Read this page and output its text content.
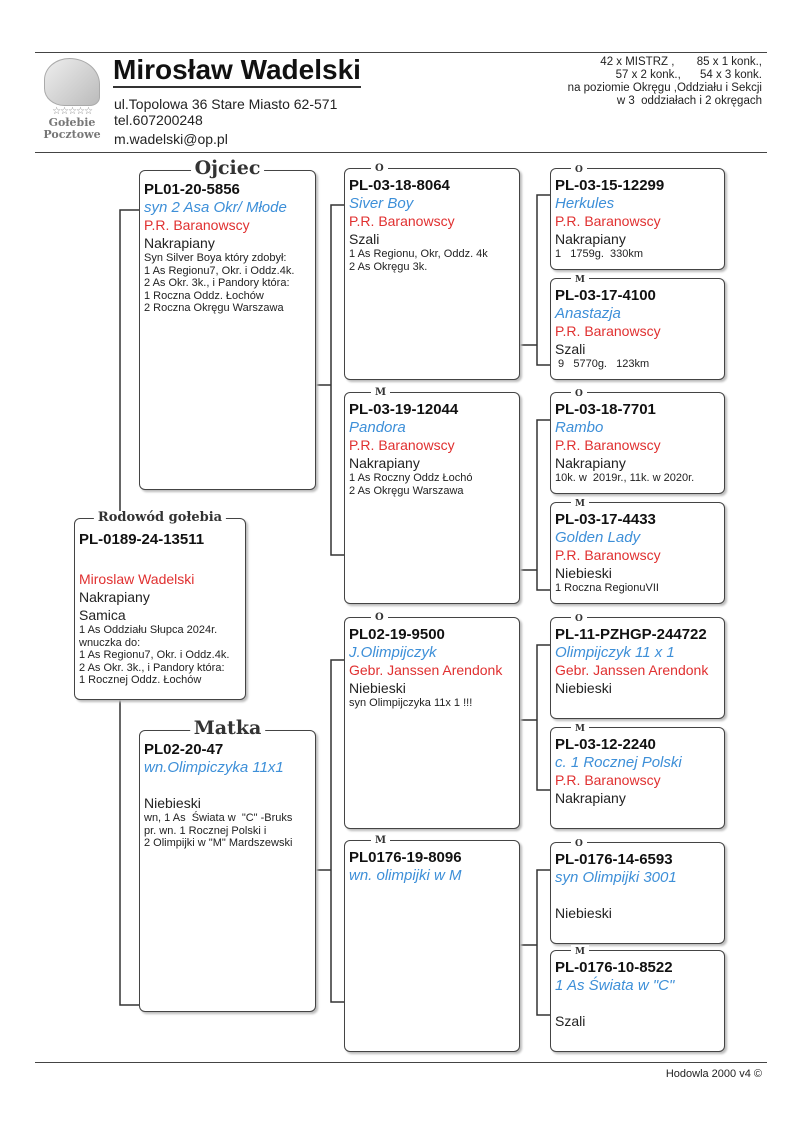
☆☆☆☆☆
Gołebie
Pocztowe
Mirosław Wadelski
ul.Topolowa 36 Stare Miasto 62-571
tel.607200248
m.wadelski@op.pl
42 x MISTRZ ,       85 x 1 konk.,
57 x 2 konk.,      54 x 3 konk.
na poziomie Okręgu ,Oddziału i Sekcji
w 3  oddziałach i 2 okręgach
Rodowód gołebia
PL-0189-24-13511
Miroslaw Wadelski
Nakrapiany
Samica
1 As Oddziału Słupca 2024r.
wnuczka do:
1 As Regionu7, Okr. i Oddz.4k.
2 As Okr. 3k., i Pandory która:
1 Rocznej Oddz. Łochów
Ojciec
PL01-20-5856
syn 2 Asa Okr/ Młode
P.R. Baranowscy
Nakrapiany
Syn Silver Boya który zdobył:
1 As Regionu7, Okr. i Oddz.4k.
2 As Okr. 3k., i Pandory która:
1 Roczna Oddz. Łochów
2 Roczna Okręgu Warszawa
Matka
PL02-20-47
wn.Olimpiczyka 11x1
Niebieski
wn, 1 As  Świata w  "C" -Bruks
pr. wn. 1 Rocznej Polski i
2 Olimpijki w "M" Mardszewski
O
PL-03-18-8064
Siver Boy
P.R. Baranowscy
Szali
1 As Regionu, Okr, Oddz. 4k
2 As Okręgu 3k.
M
PL-03-19-12044
Pandora
P.R. Baranowscy
Nakrapiany
1 As Roczny Oddz Łochó
2 As Okręgu Warszawa
O
PL02-19-9500
J.Olimpijczyk
Gebr. Janssen Arendonk
Niebieski
syn Olimpijczyka 11x 1 !!!
M
PL0176-19-8096
wn. olimpijki w M
O
PL-03-15-12299
Herkules
P.R. Baranowscy
Nakrapiany
1   1759g.  330km
M
PL-03-17-4100
Anastazja
P.R. Baranowscy
Szali
9   5770g.   123km
O
PL-03-18-7701
Rambo
P.R. Baranowscy
Nakrapiany
10k. w  2019r., 11k. w 2020r.
M
PL-03-17-4433
Golden Lady
P.R. Baranowscy
Niebieski
1 Roczna RegionuVII
O
PL-11-PZHGP-244722
Olimpijczyk 11 x 1
Gebr. Janssen Arendonk
Niebieski
M
PL-03-12-2240
c. 1 Rocznej Polski
P.R. Baranowscy
Nakrapiany
O
PL-0176-14-6593
syn Olimpijki 3001
Niebieski
M
PL-0176-10-8522
1 As Świata w "C"
Szali
Hodowla 2000 v4 ©
